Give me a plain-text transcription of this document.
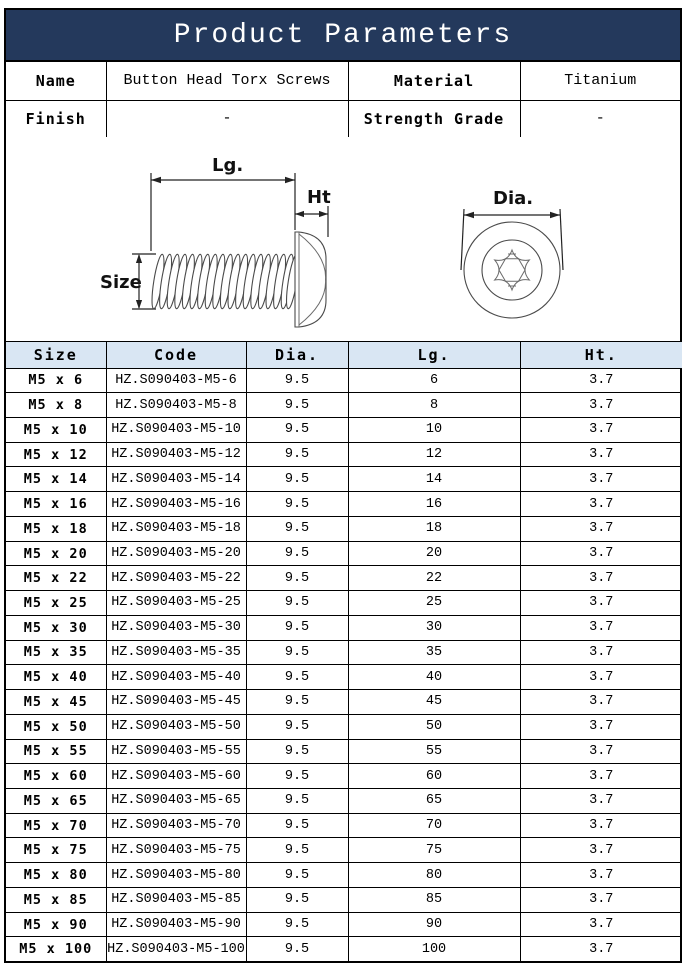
Product Parameters
Name	Button Head Torx Screws	Material	Titanium
Finish	-	Strength Grade	-
Lg.
Ht
Size
Dia.
Size	Code	Dia.	Lg.	Ht.
M5 x 6	HZ.S090403-M5-6	9.5	6	3.7
M5 x 8	HZ.S090403-M5-8	9.5	8	3.7
M5 x 10	HZ.S090403-M5-10	9.5	10	3.7
M5 x 12	HZ.S090403-M5-12	9.5	12	3.7
M5 x 14	HZ.S090403-M5-14	9.5	14	3.7
M5 x 16	HZ.S090403-M5-16	9.5	16	3.7
M5 x 18	HZ.S090403-M5-18	9.5	18	3.7
M5 x 20	HZ.S090403-M5-20	9.5	20	3.7
M5 x 22	HZ.S090403-M5-22	9.5	22	3.7
M5 x 25	HZ.S090403-M5-25	9.5	25	3.7
M5 x 30	HZ.S090403-M5-30	9.5	30	3.7
M5 x 35	HZ.S090403-M5-35	9.5	35	3.7
M5 x 40	HZ.S090403-M5-40	9.5	40	3.7
M5 x 45	HZ.S090403-M5-45	9.5	45	3.7
M5 x 50	HZ.S090403-M5-50	9.5	50	3.7
M5 x 55	HZ.S090403-M5-55	9.5	55	3.7
M5 x 60	HZ.S090403-M5-60	9.5	60	3.7
M5 x 65	HZ.S090403-M5-65	9.5	65	3.7
M5 x 70	HZ.S090403-M5-70	9.5	70	3.7
M5 x 75	HZ.S090403-M5-75	9.5	75	3.7
M5 x 80	HZ.S090403-M5-80	9.5	80	3.7
M5 x 85	HZ.S090403-M5-85	9.5	85	3.7
M5 x 90	HZ.S090403-M5-90	9.5	90	3.7
M5 x 100	HZ.S090403-M5-100	9.5	100	3.7
